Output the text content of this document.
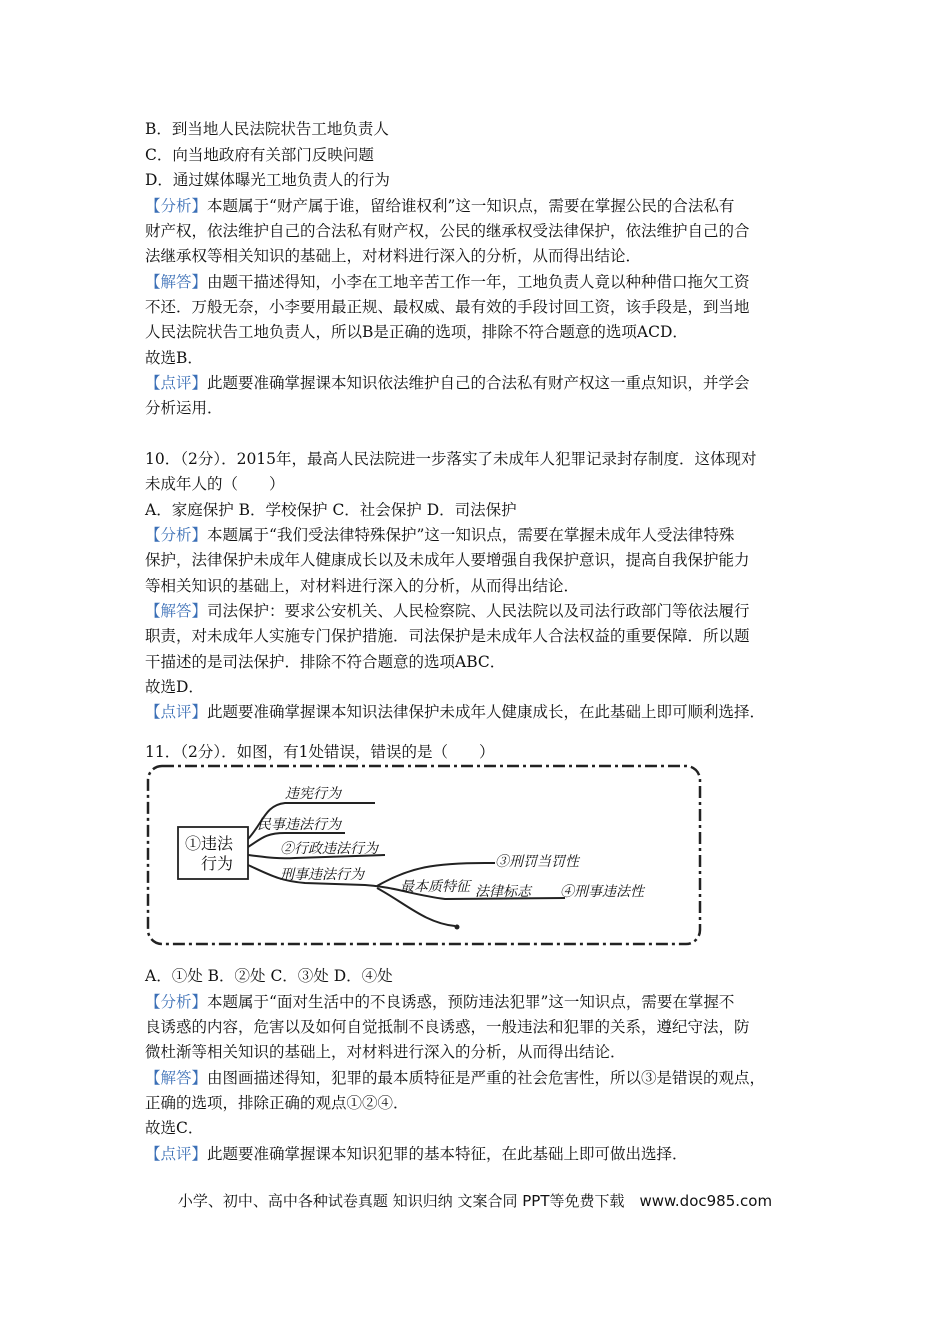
B．到当地人民法院状告工地负责人
C．向当地政府有关部门反映问题
D．通过媒体曝光工地负责人的行为
【分析】本题属于“财产属于谁，留给谁权利”这一知识点，需要在掌握公民的合法私有
财产权，依法维护自己的合法私有财产权，公民的继承权受法律保护，依法维护自己的合
法继承权等相关知识的基础上，对材料进行深入的分析，从而得出结论．
【解答】由题干描述得知，小李在工地辛苦工作一年，工地负责人竟以种种借口拖欠工资
不还．万般无奈，小李要用最正规、最权威、最有效的手段讨回工资，该手段是，到当地
人民法院状告工地负责人，所以B是正确的选项，排除不符合题意的选项ACD．
故选B．
【点评】此题要准确掌握课本知识依法维护自己的合法私有财产权这一重点知识，并学会
分析运用．
10．（2分）．2015年，最高人民法院进一步落实了未成年人犯罪记录封存制度．这体现对
未成年人的（　　）
A．家庭保护 B．学校保护 C．社会保护 D．司法保护
【分析】本题属于“我们受法律特殊保护”这一知识点，需要在掌握未成年人受法律特殊
保护，法律保护未成年人健康成长以及未成年人要增强自我保护意识，提高自我保护能力
等相关知识的基础上，对材料进行深入的分析，从而得出结论．
【解答】司法保护：要求公安机关、人民检察院、人民法院以及司法行政部门等依法履行
职责，对未成年人实施专门保护措施．司法保护是未成年人合法权益的重要保障．所以题
干描述的是司法保护．排除不符合题意的选项ABC．
故选D．
【点评】此题要准确掌握课本知识法律保护未成年人健康成长，在此基础上即可顺利选择．
11．（2分）．如图，有1处错误，错误的是（　　）
①违法
行为
违宪行为
民事违法行为
②行政违法行为
刑事违法行为
最本质特征
③刑罚当罚性
法律标志 ④刑事违法性
A．①处 B．②处 C．③处 D．④处
【分析】本题属于“面对生活中的不良诱惑，预防违法犯罪”这一知识点，需要在掌握不
良诱惑的内容，危害以及如何自觉抵制不良诱惑，一般违法和犯罪的关系，遵纪守法，防
微杜渐等相关知识的基础上，对材料进行深入的分析，从而得出结论．
【解答】由图画描述得知，犯罪的最本质特征是严重的社会危害性，所以③是错误的观点，
正确的选项，排除正确的观点①②④．
故选C．
【点评】此题要准确掌握课本知识犯罪的基本特征，在此基础上即可做出选择．
小学、初中、高中各种试卷真题 知识归纳 文案合同 PPT等免费下载　www.doc985.com
